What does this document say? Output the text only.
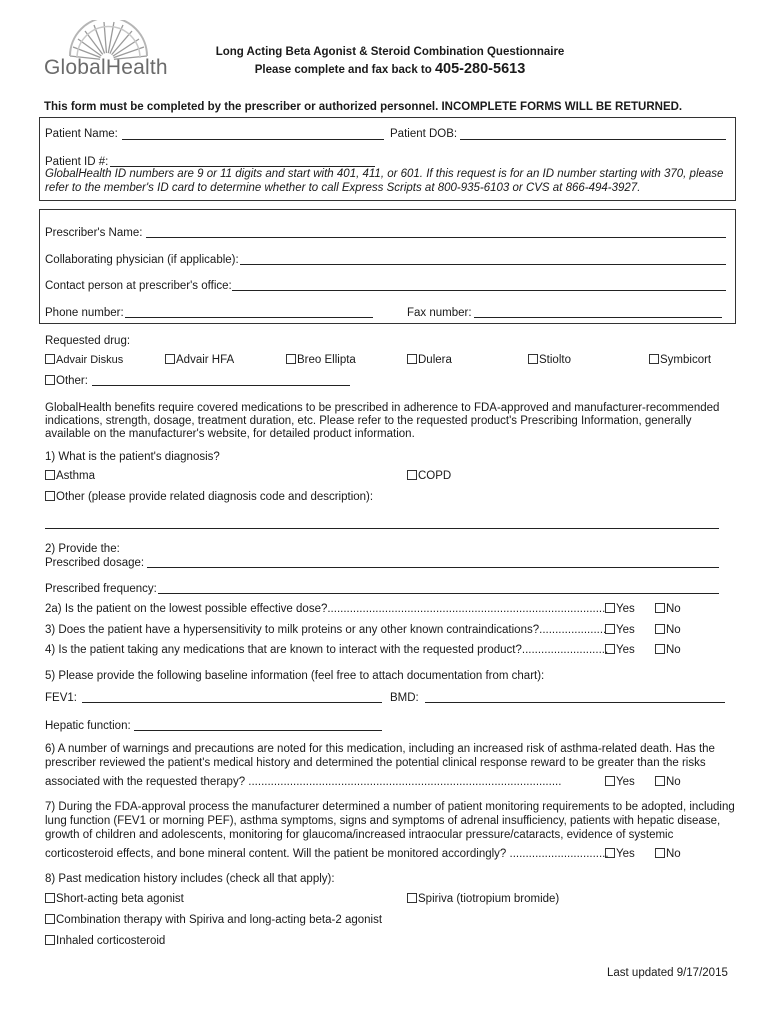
GlobalHealth
Long Acting Beta Agonist & Steroid Combination Questionnaire
Please complete and fax back to 405-280-5613
This form must be completed by the prescriber or authorized personnel. INCOMPLETE FORMS WILL BE RETURNED.
Patient Name:	Patient DOB:
Patient ID #:
GlobalHealth ID numbers are 9 or 11 digits and start with 401, 411, or 601. If this request is for an ID number starting with 370, please
refer to the member's ID card to determine whether to call Express Scripts at 800-935-6103 or CVS at 866-494-3927.
Prescriber's Name:
Collaborating physician (if applicable):
Contact person at prescriber's office:
Phone number:	Fax number:
Requested drug:
Advair Diskus	Advair HFA	Breo Ellipta	Dulera	Stiolto	Symbicort
Other:
GlobalHealth benefits require covered medications to be prescribed in adherence to FDA-approved and manufacturer-recommended
indications, strength, dosage, treatment duration, etc. Please refer to the requested product's Prescribing Information, generally
available on the manufacturer's website, for detailed product information.
1) What is the patient's diagnosis?
Asthma	COPD
Other (please provide related diagnosis code and description):
2) Provide the:
Prescribed dosage:
Prescribed frequency:
2a) Is the patient on the lowest possible effective dose?....................................................................................... Yes	No
3) Does the patient have a hypersensitivity to milk proteins or any other known contraindications?..................... Yes	No
4) Is the patient taking any medications that are known to interact with the requested product?........................... Yes	No
5) Please provide the following baseline information (feel free to attach documentation from chart):
FEV1:	BMD:
Hepatic function:
6) A number of warnings and precautions are noted for this medication, including an increased risk of asthma-related death. Has the
prescriber reviewed the patient's medical history and determined the potential clinical response reward to be greater than the risks
associated with the requested therapy? ..................................................................................................	Yes	No
7) During the FDA-approval process the manufacturer determined a number of patient monitoring requirements to be adopted, including
lung function (FEV1 or morning PEF), asthma symptoms, signs and symptoms of adrenal insufficiency, patients with hepatic disease,
growth of children and adolescents, monitoring for glaucoma/increased intraocular pressure/cataracts, evidence of systemic
corticosteroid effects, and bone mineral content. Will the patient be monitored accordingly? ............................... Yes	No
8) Past medication history includes (check all that apply):
Short-acting beta agonist	Spiriva (tiotropium bromide)
Combination therapy with Spiriva and long-acting beta-2 agonist
Inhaled corticosteroid
Last updated 9/17/2015
